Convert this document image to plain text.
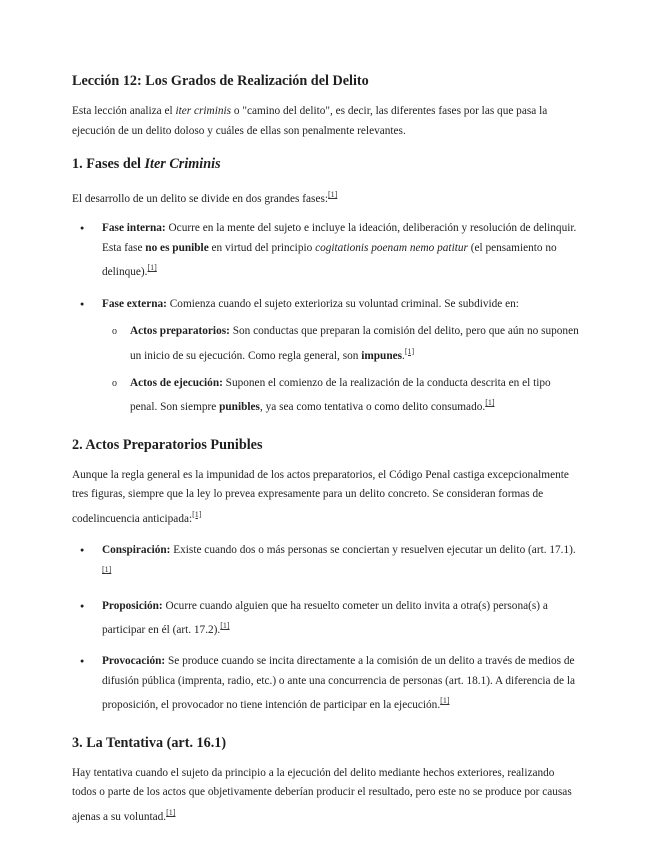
Lección 12: Los Grados de Realización del Delito

Esta lección analiza el iter criminis o "camino del delito", es decir, las diferentes fases por las que pasa la ejecución de un delito doloso y cuáles de ellas son penalmente relevantes.

1. Fases del Iter Criminis

El desarrollo de un delito se divide en dos grandes fases:[1]

● Fase interna: Ocurre en la mente del sujeto e incluye la ideación, deliberación y resolución de delinquir. Esta fase no es punible en virtud del principio cogitationis poenam nemo patitur (el pensamiento no delinque).[1]
● Fase externa: Comienza cuando el sujeto exterioriza su voluntad criminal. Se subdivide en:
o Actos preparatorios: Son conductas que preparan la comisión del delito, pero que aún no suponen un inicio de su ejecución. Como regla general, son impunes.[1]
o Actos de ejecución: Suponen el comienzo de la realización de la conducta descrita en el tipo penal. Son siempre punibles, ya sea como tentativa o como delito consumado.[1]
2. Actos Preparatorios Punibles

Aunque la regla general es la impunidad de los actos preparatorios, el Código Penal castiga excepcionalmente tres figuras, siempre que la ley lo prevea expresamente para un delito concreto. Se consideran formas de codelincuencia anticipada:[1]

● Conspiración: Existe cuando dos o más personas se conciertan y resuelven ejecutar un delito (art. 17.1).[1]
● Proposición: Ocurre cuando alguien que ha resuelto cometer un delito invita a otra(s) persona(s) a participar en él (art. 17.2).[1]
● Provocación: Se produce cuando se incita directamente a la comisión de un delito a través de medios de difusión pública (imprenta, radio, etc.) o ante una concurrencia de personas (art. 18.1). A diferencia de la proposición, el provocador no tiene intención de participar en la ejecución.[1]
3. La Tentativa (art. 16.1)

Hay tentativa cuando el sujeto da principio a la ejecución del delito mediante hechos exteriores, realizando todos o parte de los actos que objetivamente deberían producir el resultado, pero este no se produce por causas ajenas a su voluntad.[1]
